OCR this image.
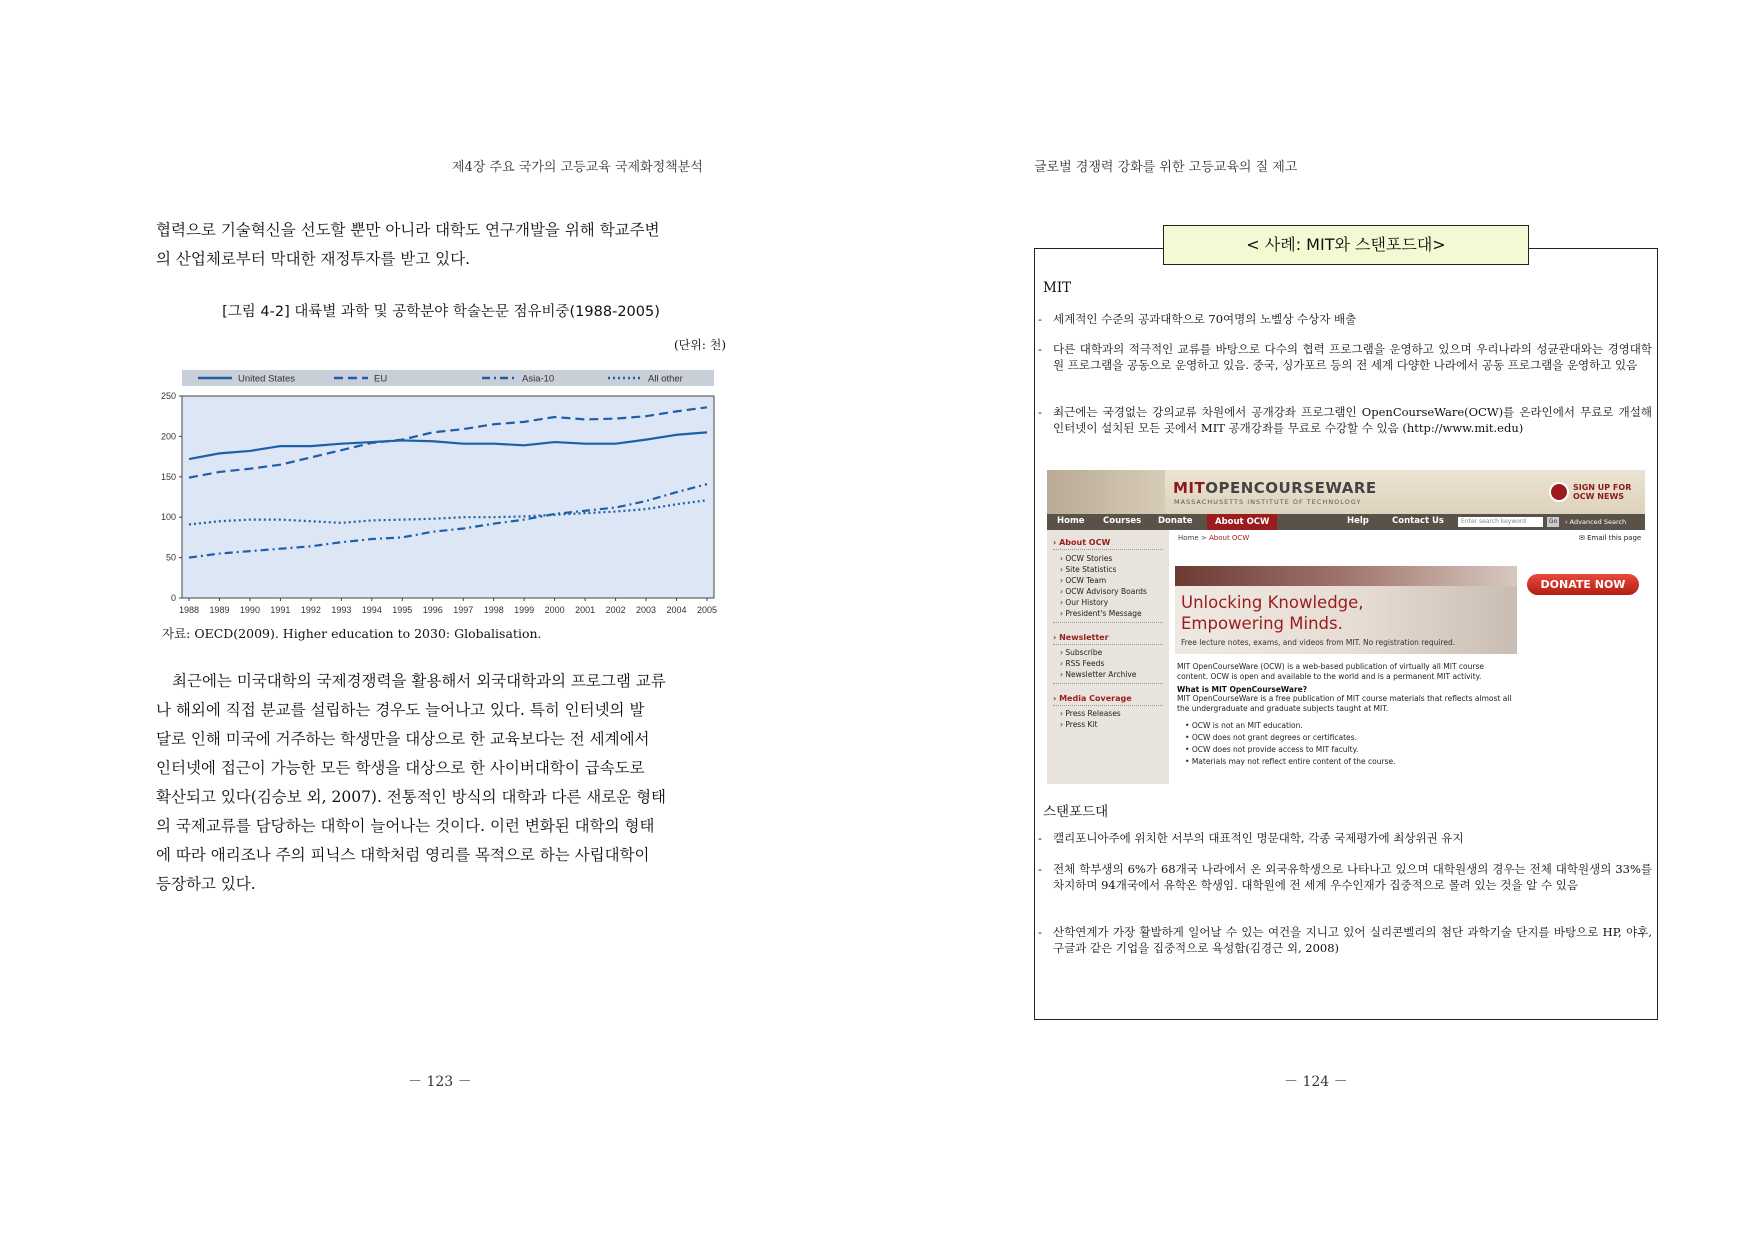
제4장 주요 국가의 고등교육 국제화정책분석
협력으로 기술혁신을 선도할 뿐만 아니라 대학도 연구개발을 위해 학교주변
의 산업체로부터 막대한 재정투자를 받고 있다.
[그림 4-2] 대륙별 과학 및 공학분야 학술논문 점유비중(1988-2005)
(단위: 천)
United States	EU	Asia-10	All other
0
50
100
150
200
250
1988 1989 1990 1991 1992 1993 1994 1995 1996 1997 1998 1999 2000 2001 2002 2003 2004 2005
자료: OECD(2009). Higher education to 2030: Globalisation.
최근에는 미국대학의 국제경쟁력을 활용해서 외국대학과의 프로그램 교류
나 해외에 직접 분교를 설립하는 경우도 늘어나고 있다. 특히 인터넷의 발
달로 인해 미국에 거주하는 학생만을 대상으로 한 교육보다는 전 세계에서
인터넷에 접근이 가능한 모든 학생을 대상으로 한 사이버대학이 급속도로
확산되고 있다(김승보 외, 2007). 전통적인 방식의 대학과 다른 새로운 형태
의 국제교류를 담당하는 대학이 늘어나는 것이다. 이런 변화된 대학의 형태
에 따라 애리조나 주의 피닉스 대학처럼 영리를 목적으로 하는 사립대학이
등장하고 있다.
－ 123 －
글로벌 경쟁력 강화를 위한 고등교육의 질 제고
< 사례: MIT와 스탠포드대>
MIT
- 세계적인 수준의 공과대학으로 70여명의 노벨상 수상자 배출
- 다른 대학과의 적극적인 교류를 바탕으로 다수의 협력 프로그램을 운영하고 있으며 우리나라의 성균관대와는 경영대학원 프로그램을 공동으로 운영하고 있음. 중국, 싱가포르 등의 전 세계 다양한 나라에서 공동 프로그램을 운영하고 있음
- 최근에는 국경없는 강의교류 차원에서 공개강좌 프로그램인 OpenCourseWare(OCW)를 온라인에서 무료로 개설해 인터넷이 설치된 모든 곳에서 MIT 공개강좌를 무료로 수강할 수 있음 (http://www.mit.edu)
MITOPENCOURSEWARE
MASSACHUSETTS INSTITUTE OF TECHNOLOGY
SIGN UP FOR OCW NEWS
Home Courses Donate	About OCW	Help	Contact Us	Enter search keyword	Go › Advanced Search
› About OCW
› OCW Stories
› Site Statistics
› OCW Team
› OCW Advisory Boards
› Our History
› President's Message
› Newsletter
› Subscribe
› RSS Feeds
› Newsletter Archive
› Media Coverage
› Press Releases
› Press Kit
Home > About OCW	✉ Email this page
Unlocking Knowledge,
Empowering Minds.
Free lecture notes, exams, and videos from MIT. No registration required.
DONATE NOW
MIT OpenCourseWare (OCW) is a web-based publication of virtually all MIT course content. OCW is open and available to the world and is a permanent MIT activity.
What is MIT OpenCourseWare?
MIT OpenCourseWare is a free publication of MIT course materials that reflects almost all the undergraduate and graduate subjects taught at MIT.
• OCW is not an MIT education.
• OCW does not grant degrees or certificates.
• OCW does not provide access to MIT faculty.
• Materials may not reflect entire content of the course.
스탠포드대
- 캘리포니아주에 위치한 서부의 대표적인 명문대학, 각종 국제평가에 최상위권 유지
- 전체 학부생의 6%가 68개국 나라에서 온 외국유학생으로 나타나고 있으며 대학원생의 경우는 전체 대학원생의 33%를 차지하며 94개국에서 유학온 학생임. 대학원에 전 세계 우수인재가 집중적으로 몰려 있는 것을 알 수 있음
- 산학연계가 가장 활발하게 일어날 수 있는 여건을 지니고 있어 실리콘벨리의 첨단 과학기술 단지를 바탕으로 HP, 야후, 구글과 같은 기업을 집중적으로 육성함(김경근 외, 2008)
－ 124 －
